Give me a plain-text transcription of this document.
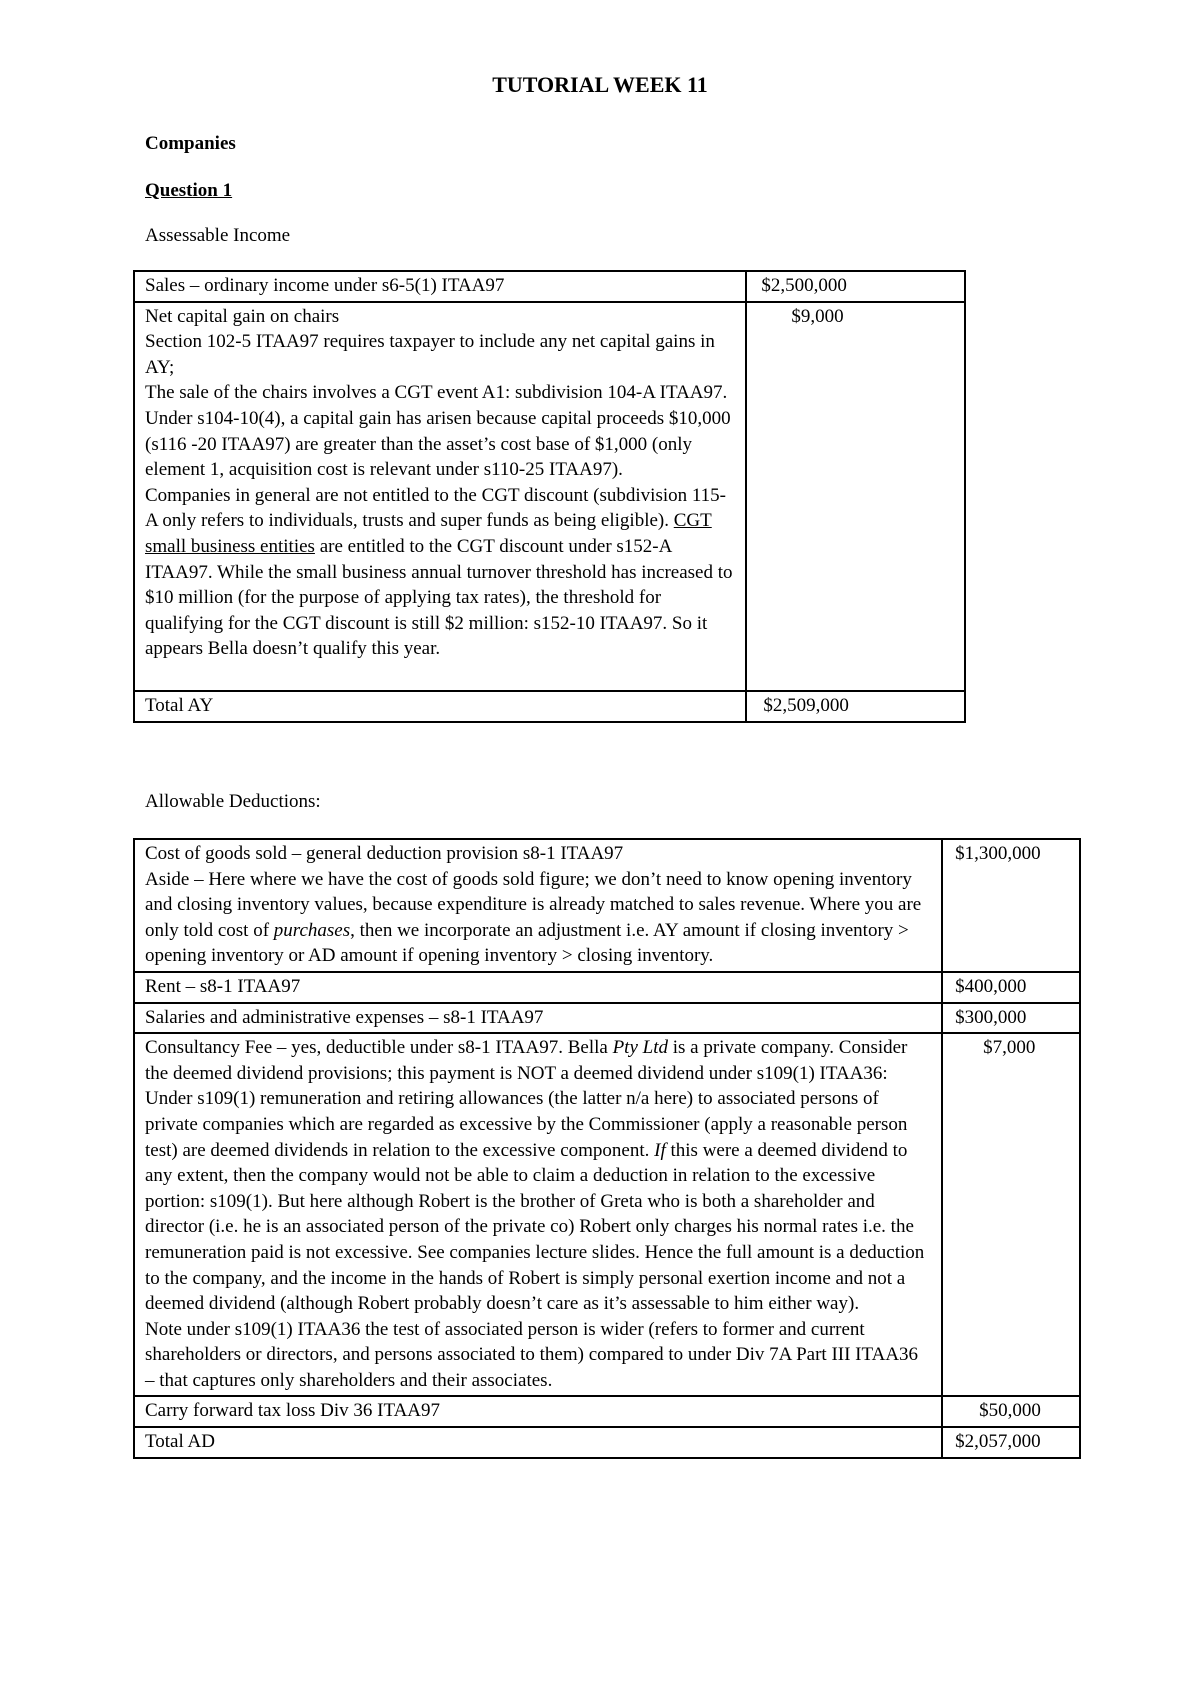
TUTORIAL WEEK 11
Companies
Question 1
Assessable Income
Sales – ordinary income under s6-5(1) ITAA97	$2,500,000

Net capital gain on chairs

Section 102-5 ITAA97 requires taxpayer to include any net capital gains in AY;

The sale of the chairs involves a CGT event A1: subdivision 104-A ITAA97. Under s104-10(4), a capital gain has arisen because capital proceeds $10,000 (s116 -20 ITAA97) are greater than the asset’s cost base of $1,000 (only element 1, acquisition cost is relevant under s110-25 ITAA97).

Companies in general are not entitled to the CGT discount (subdivision 115-A only refers to individuals, trusts and super funds as being eligible). CGT small business entities are entitled to the CGT discount under s152-A ITAA97. While the small business annual turnover threshold has increased to $10 million (for the purpose of applying tax rates), the threshold for qualifying for the CGT discount is still $2 million: s152-10 ITAA97. So it appears Bella doesn’t qualify this year.	$9,000
Total AY	$2,509,000
Allowable Deductions:

Cost of goods sold – general deduction provision s8-1 ITAA97

Aside – Here where we have the cost of goods sold figure; we don’t need to know opening inventory and closing inventory values, because expenditure is already matched to sales revenue. Where you are only told cost of purchases, then we incorporate an adjustment i.e. AY amount if closing inventory > opening inventory or AD amount if opening inventory > closing inventory.	$1,300,000
Rent – s8-1 ITAA97	$400,000
Salaries and administrative expenses – s8-1 ITAA97	$300,000

Consultancy Fee – yes, deductible under s8-1 ITAA97. Bella Pty Ltd is a private company. Consider the deemed dividend provisions; this payment is NOT a deemed dividend under s109(1) ITAA36:

Under s109(1) remuneration and retiring allowances (the latter n/a here) to associated persons of private companies which are regarded as excessive by the Commissioner (apply a reasonable person test) are deemed dividends in relation to the excessive component. If this were a deemed dividend to any extent, then the company would not be able to claim a deduction in relation to the excessive portion: s109(1). But here although Robert is the brother of Greta who is both a shareholder and director (i.e. he is an associated person of the private co) Robert only charges his normal rates i.e. the remuneration paid is not excessive. See companies lecture slides. Hence the full amount is a deduction to the company, and the income in the hands of Robert is simply personal exertion income and not a deemed dividend (although Robert probably doesn’t care as it’s assessable to him either way).

Note under s109(1) ITAA36 the test of associated person is wider (refers to former and current shareholders or directors, and persons associated to them) compared to under Div 7A Part III ITAA36 – that captures only shareholders and their associates.	$7,000
Carry forward tax loss Div 36 ITAA97	$50,000
Total AD	$2,057,000
